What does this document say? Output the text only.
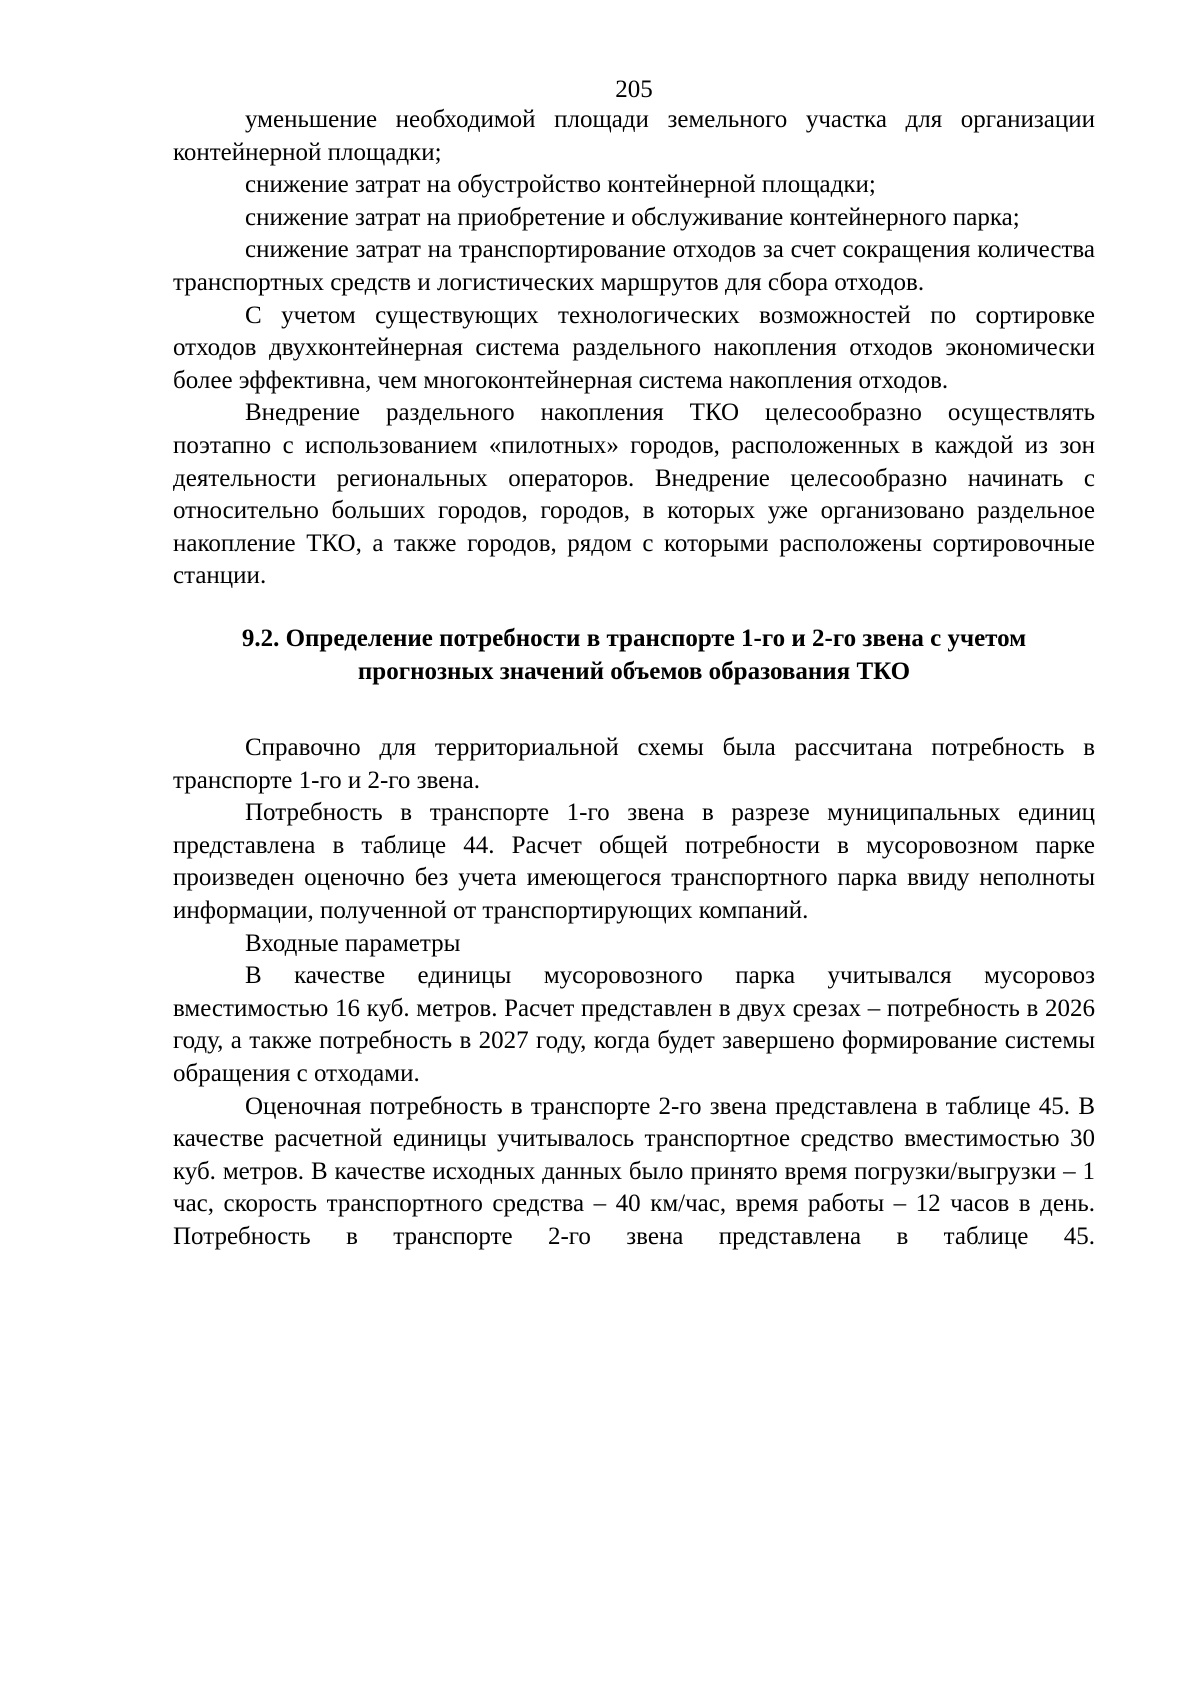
205

уменьшение необходимой площади земельного участка для организации контейнерной площадки;

снижение затрат на обустройство контейнерной площадки;

снижение затрат на приобретение и обслуживание контейнерного парка;

снижение затрат на транспортирование отходов за счет сокращения количества транспортных средств и логистических маршрутов для сбора отходов.

С учетом существующих технологических возможностей по сортировке отходов двухконтейнерная система раздельного накопления отходов экономически более эффективна, чем многоконтейнерная система накопления отходов.

Внедрение раздельного накопления ТКО целесообразно осуществлять поэтапно с использованием «пилотных» городов, расположенных в каждой из зон деятельности региональных операторов. Внедрение целесообразно начинать с относительно больших городов, городов, в которых уже организовано раздельное накопление ТКО, а также городов, рядом с которыми расположены сортировочные станции.

9.2. Определение потребности в транспорте 1-го и 2-го звена с учетом прогнозных значений объемов образования ТКО

Справочно для территориальной схемы была рассчитана потребность в транспорте 1-го и 2-го звена.

Потребность в транспорте 1-го звена в разрезе муниципальных единиц представлена в таблице 44. Расчет общей потребности в мусоровозном парке произведен оценочно без учета имеющегося транспортного парка ввиду неполноты информации, полученной от транспортирующих компаний.

Входные параметры

В качестве единицы мусоровозного парка учитывался мусоровоз вместимостью 16 куб. метров. Расчет представлен в двух срезах – потребность в 2026 году, а также потребность в 2027 году, когда будет завершено формирование системы обращения с отходами.

Оценочная потребность в транспорте 2-го звена представлена в таблице 45. В качестве расчетной единицы учитывалось транспортное средство вместимостью 30 куб. метров. В качестве исходных данных было принято время погрузки/выгрузки – 1 час, скорость транспортного средства – 40 км/час, время работы – 12 часов в день. Потребность в транспорте 2-го звена представлена в таблице 45.
